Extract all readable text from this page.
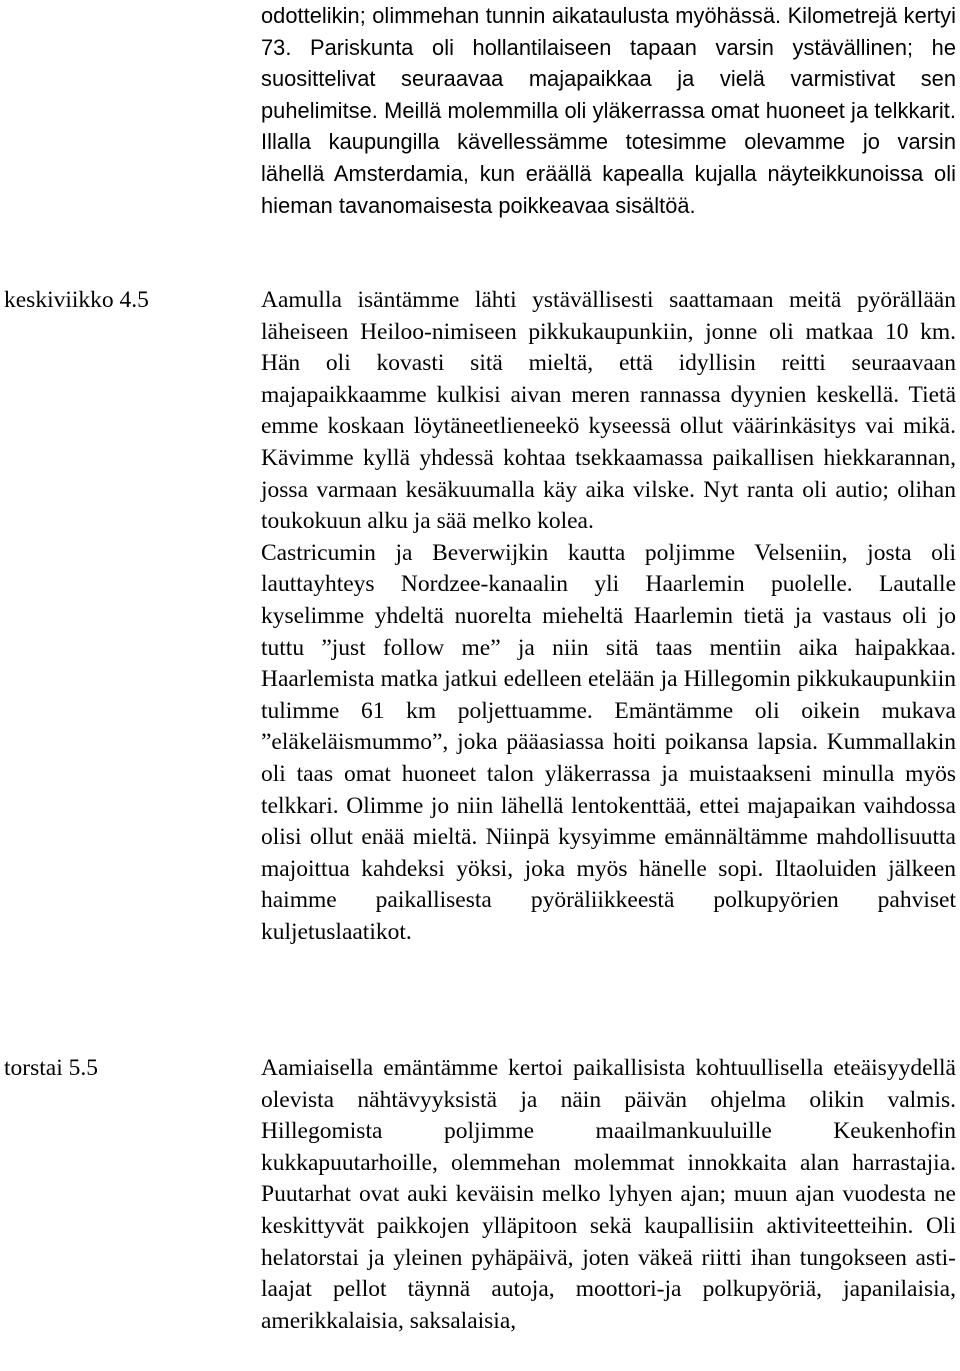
odottelikin; olimmehan tunnin aikataulusta myöhässä. Kilometrejä kertyi 73. Pariskunta oli hollantilaiseen tapaan varsin ystävällinen; he suosittelivat seuraavaa majapaikkaa ja vielä varmistivat sen puhelimitse. Meillä molemmilla oli yläkerrassa omat huoneet ja telkkarit. Illalla kaupungilla kävellessämme totesimme olevamme jo varsin lähellä Amsterdamia, kun eräällä kapealla kujalla näyteikkunoissa oli hieman tavanomaisesta poikkeavaa sisältöä.
keskiviikko 4.5	Aamulla isäntämme lähti ystävällisesti saattamaan meitä pyörällään läheiseen Heiloo-nimiseen pikkukaupunkiin, jonne oli matkaa 10 km. Hän oli kovasti sitä mieltä, että idyllisin reitti seuraavaan majapaikkaamme kulkisi aivan meren rannassa dyynien keskellä. Tietä emme koskaan löytäneetlieneekö kyseessä ollut väärinkäsitys vai mikä. Kävimme kyllä yhdessä kohtaa tsekkaamassa paikallisen hiekkarannan, jossa varmaan kesäkuumalla käy aika vilske. Nyt ranta oli autio; olihan toukokuun alku ja sää melko kolea.
Castricumin ja Beverwijkin kautta poljimme Velseniin, josta oli lauttayhteys Nordzee-kanaalin yli Haarlemin puolelle. Lautalle kyselimme yhdeltä nuorelta mieheltä Haarlemin tietä ja vastaus oli jo tuttu ”just follow me” ja niin sitä taas mentiin aika haipakkaa. Haarlemista matka jatkui edelleen etelään ja Hillegomin pikkukaupunkiin tulimme 61 km poljettuamme. Emäntämme oli oikein mukava ”eläkeläismummo”, joka pääasiassa hoiti poikansa lapsia. Kummallakin oli taas omat huoneet talon yläkerrassa ja muistaakseni minulla myös telkkari. Olimme jo niin lähellä lentokenttää, ettei majapaikan vaihdossa olisi ollut enää mieltä. Niinpä kysyimme emännältämme mahdollisuutta majoittua kahdeksi yöksi, joka myös hänelle sopi. Iltaoluiden jälkeen haimme paikallisesta pyöräliikkeestä polkupyörien pahviset kuljetuslaatikot.
torstai 5.5	Aamiaisella emäntämme kertoi paikallisista kohtuullisella eteäisyydellä olevista nähtävyyksistä ja näin päivän ohjelma olikin valmis. Hillegomista poljimme maailmankuuluille Keukenhofin kukkapuutarhoille, olemmehan molemmat innokkaita alan harrastajia. Puutarhat ovat auki keväisin melko lyhyen ajan; muun ajan vuodesta ne keskittyvät paikkojen ylläpitoon sekä kaupallisiin aktiviteetteihin. Oli helatorstai ja yleinen pyhäpäivä, joten väkeä riitti ihan tungokseen asti-laajat pellot täynnä autoja, moottori-ja polkupyöriä, japanilaisia, amerikkalaisia, saksalaisia,
